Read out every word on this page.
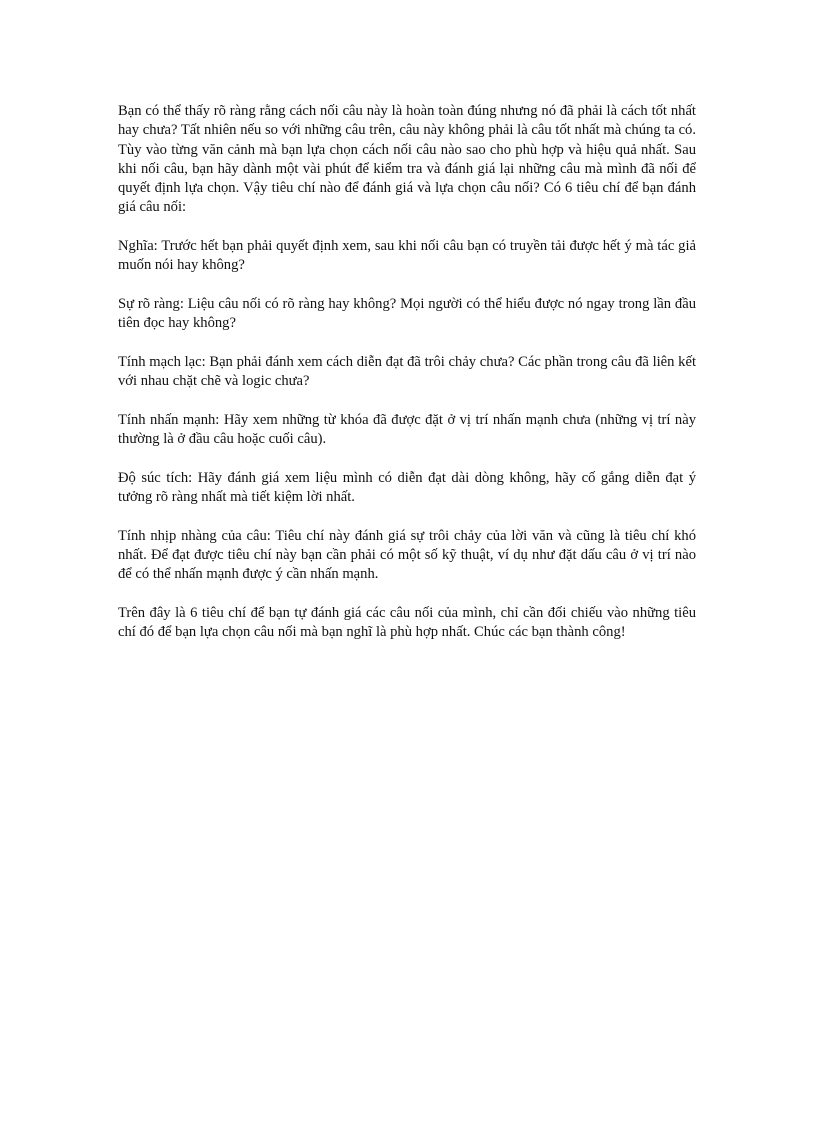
Bạn có thể thấy rõ ràng rằng cách nối câu này là hoàn toàn đúng nhưng nó đã phải là cách tốt nhất hay chưa? Tất nhiên nếu so với những câu trên, câu này không phải là câu tốt nhất mà chúng ta có. Tùy vào từng văn cảnh mà bạn lựa chọn cách nối câu nào sao cho phù hợp và hiệu quả nhất. Sau khi nối câu, bạn hãy dành một vài phút để kiểm tra và đánh giá lại những câu mà mình đã nối để quyết định lựa chọn. Vậy tiêu chí nào để đánh giá và lựa chọn câu nối? Có 6 tiêu chí để bạn đánh giá câu nối:

Nghĩa: Trước hết bạn phải quyết định xem, sau khi nối câu bạn có truyền tải được hết ý mà tác giả muốn nói hay không?

Sự rõ ràng: Liệu câu nối có rõ ràng hay không? Mọi người có thể hiểu được nó ngay trong lần đầu tiên đọc hay không?

Tính mạch lạc: Bạn phải đánh xem cách diễn đạt đã trôi chảy chưa? Các phần trong câu đã liên kết với nhau chặt chẽ và logic chưa?

Tính nhấn mạnh: Hãy xem những từ khóa đã được đặt ở vị trí nhấn mạnh chưa (những vị trí này thường là ở đầu câu hoặc cuối câu).

Độ súc tích: Hãy đánh giá xem liệu mình có diễn đạt dài dòng không, hãy cố gắng diễn đạt ý tưởng rõ ràng nhất mà tiết kiệm lời nhất.

Tính nhịp nhàng của câu: Tiêu chí này đánh giá sự trôi chảy của lời văn và cũng là tiêu chí khó nhất. Để đạt được tiêu chí này bạn cần phải có một số kỹ thuật, ví dụ như đặt dấu câu ở vị trí nào để có thể nhấn mạnh được ý cần nhấn mạnh.

Trên đây là 6 tiêu chí để bạn tự đánh giá các câu nối của mình, chỉ cần đối chiếu vào những tiêu chí đó để bạn lựa chọn câu nối mà bạn nghĩ là phù hợp nhất. Chúc các bạn thành công!
